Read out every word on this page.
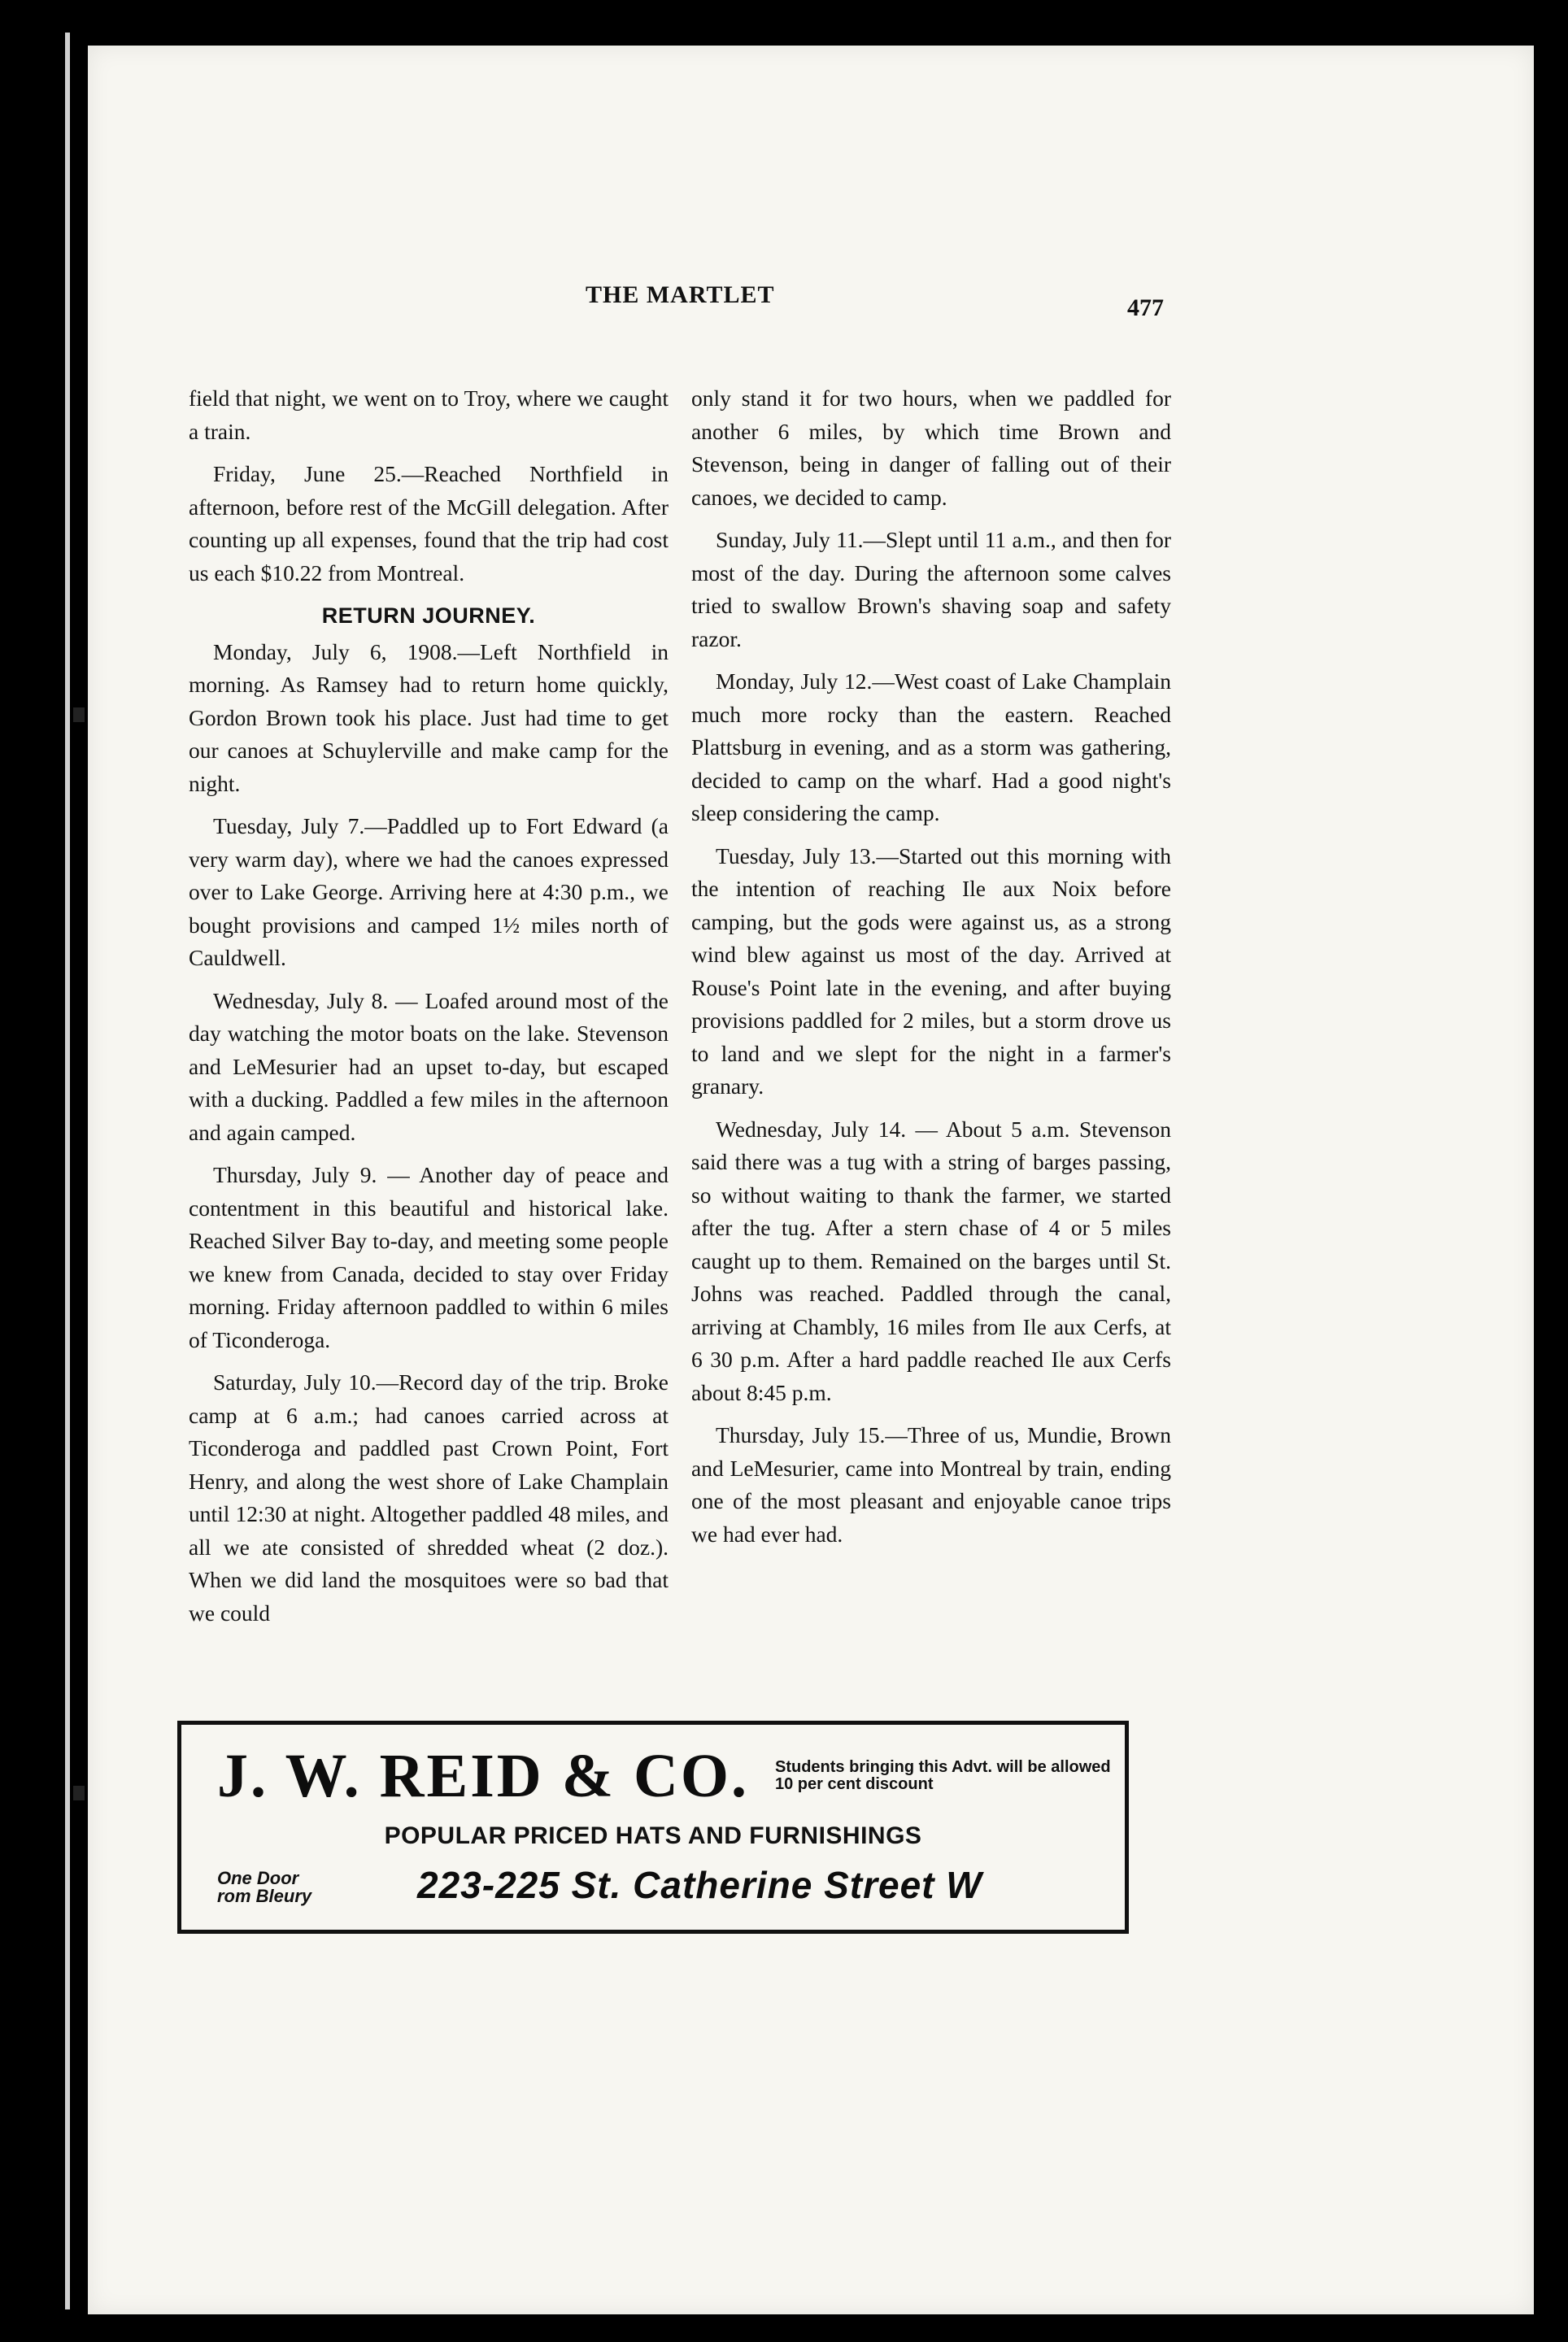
THE MARTLET	477

field that night, we went on to Troy, where we caught a train.

Friday, June 25.—Reached Northfield in afternoon, before rest of the McGill delegation. After counting up all expenses, found that the trip had cost us each $10.22 from Montreal.

RETURN JOURNEY.

Monday, July 6, 1908.—Left Northfield in morning. As Ramsey had to return home quickly, Gordon Brown took his place. Just had time to get our canoes at Schuylerville and make camp for the night.

Tuesday, July 7.—Paddled up to Fort Edward (a very warm day), where we had the canoes expressed over to Lake George. Arriving here at 4:30 p.m., we bought provisions and camped 1½ miles north of Cauldwell.

Wednesday, July 8. — Loafed around most of the day watching the motor boats on the lake. Stevenson and LeMesurier had an upset to-day, but escaped with a ducking. Paddled a few miles in the afternoon and again camped.

Thursday, July 9. — Another day of peace and contentment in this beautiful and historical lake. Reached Silver Bay to-day, and meeting some people we knew from Canada, decided to stay over Friday morning. Friday afternoon paddled to within 6 miles of Ticonderoga.

Saturday, July 10.—Record day of the trip. Broke camp at 6 a.m.; had canoes carried across at Ticonderoga and paddled past Crown Point, Fort Henry, and along the west shore of Lake Champlain until 12:30 at night. Altogether paddled 48 miles, and all we ate consisted of shredded wheat (2 doz.). When we did land the mosquitoes were so bad that we could

only stand it for two hours, when we paddled for another 6 miles, by which time Brown and Stevenson, being in danger of falling out of their canoes, we decided to camp.

Sunday, July 11.—Slept until 11 a.m., and then for most of the day. During the afternoon some calves tried to swallow Brown's shaving soap and safety razor.

Monday, July 12.—West coast of Lake Champlain much more rocky than the eastern. Reached Plattsburg in evening, and as a storm was gathering, decided to camp on the wharf. Had a good night's sleep considering the camp.

Tuesday, July 13.—Started out this morning with the intention of reaching Ile aux Noix before camping, but the gods were against us, as a strong wind blew against us most of the day. Arrived at Rouse's Point late in the evening, and after buying provisions paddled for 2 miles, but a storm drove us to land and we slept for the night in a farmer's granary.

Wednesday, July 14. — About 5 a.m. Stevenson said there was a tug with a string of barges passing, so without waiting to thank the farmer, we started after the tug. After a stern chase of 4 or 5 miles caught up to them. Remained on the barges until St. Johns was reached. Paddled through the canal, arriving at Chambly, 16 miles from Ile aux Cerfs, at 6 30 p.m. After a hard paddle reached Ile aux Cerfs about 8:45 p.m.

Thursday, July 15.—Three of us, Mundie, Brown and LeMesurier, came into Montreal by train, ending one of the most pleasant and enjoyable canoe trips we had ever had.

J. W. REID & CO. Students bringing this Advt. will be allowed 10 per cent discount
POPULAR PRICED HATS AND FURNISHINGS
One Door
rom Bleury	223-225 St. Catherine Street W
